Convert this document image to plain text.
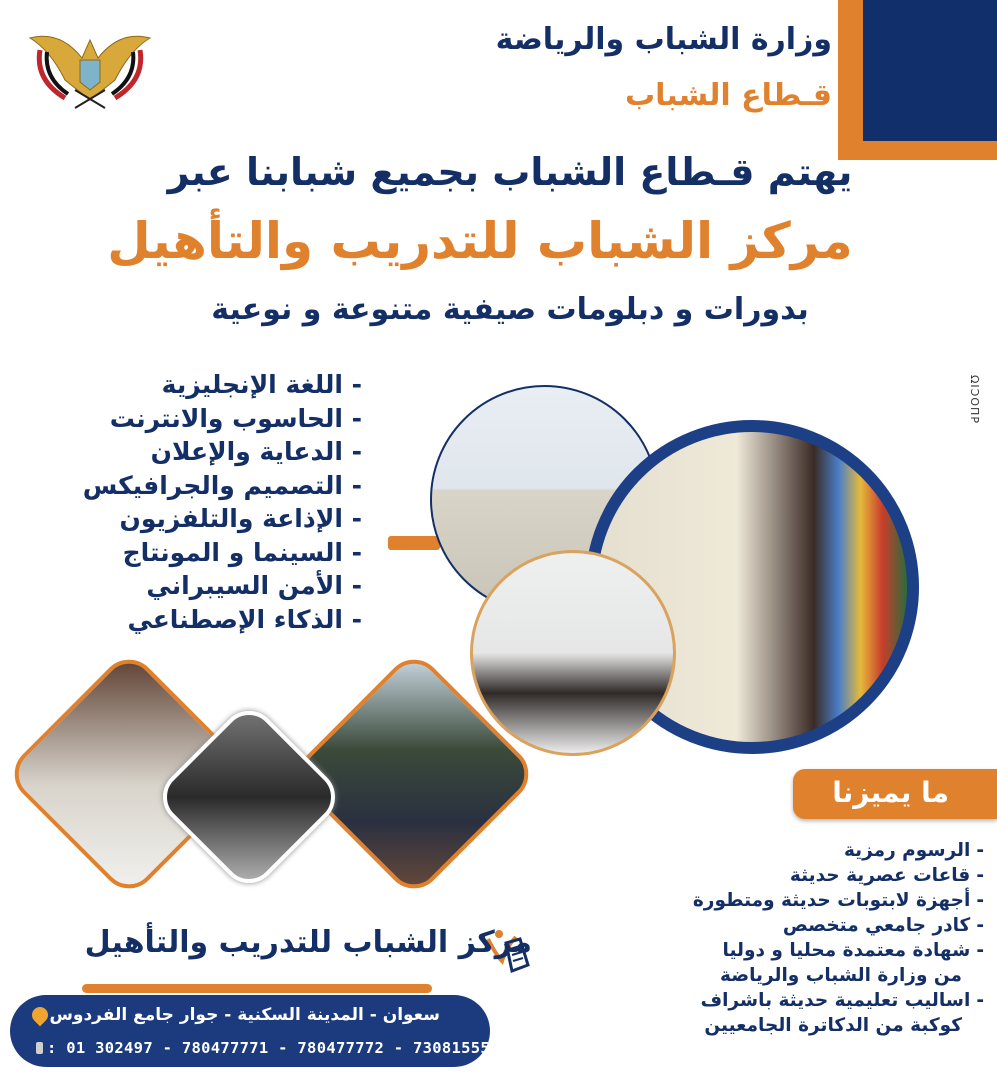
وزارة الشباب والرياضة
قـطاع الشباب
يهتم قـطاع الشباب بجميع شبابنا عبر
مركز الشباب للتدريب والتأهيل
بدورات و دبلومات صيفية متنوعة و نوعية
- اللغة الإنجليزية
- الحاسوب والانترنت
- الدعاية والإعلان
- التصميم والجرافيكس
- الإذاعة والتلفزيون
- السينما و المونتاج
- الأمن السيبراني
- الذكاء الإصطناعي
ΩΙϽΟΠΡ
ما يميزنا
-الرسوم رمزية
-قاعات عصرية حديثة
-أجهزة لابتوبات حديثة ومتطورة
-كادر جامعي متخصص
-شهادة معتمدة محليا و دوليا
من وزارة الشباب والرياضة
-اساليب تعليمية حديثة باشراف
كوكبة من الدكاترة الجامعيين
مركز الشباب للتدريب والتأهيل
سعوان - المدينة السكنية - جوار جامع الفردوس
: 01 302497 - 780477771 - 780477772 - 730815550
